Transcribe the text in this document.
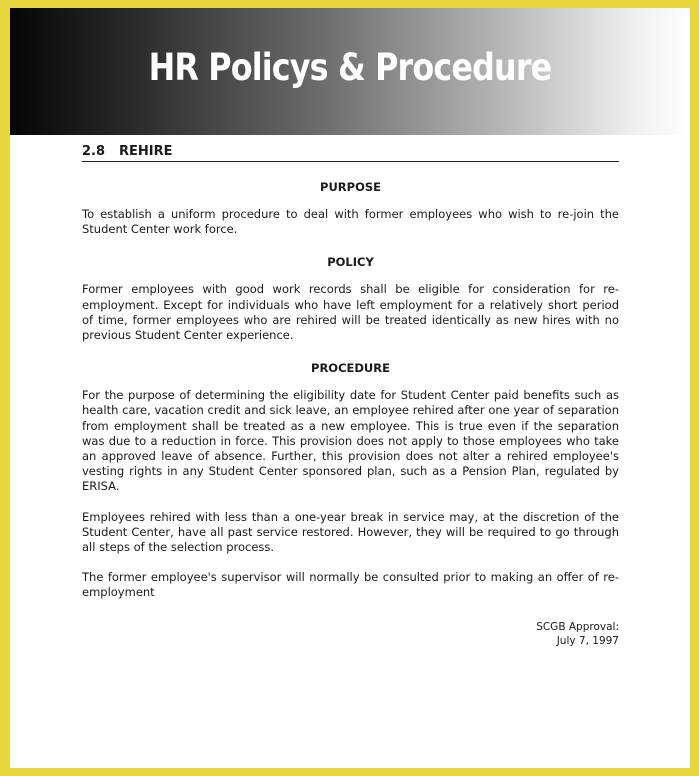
HR Policys & Procedure
2.8 REHIRE
PURPOSE

To establish a uniform procedure to deal with former employees who wish to re-join the Student Center work force.

POLICY

Former employees with good work records shall be eligible for consideration for re-employment. Except for individuals who have left employment for a relatively short period of time, former employees who are rehired will be treated identically as new hires with no previous Student Center experience.

PROCEDURE

For the purpose of determining the eligibility date for Student Center paid benefits such as health care, vacation credit and sick leave, an employee rehired after one year of separation from employment shall be treated as a new employee. This is true even if the separation was due to a reduction in force. This provision does not apply to those employees who take an approved leave of absence. Further, this provision does not alter a rehired employee's vesting rights in any Student Center sponsored plan, such as a Pension Plan, regulated by ERISA.

Employees rehired with less than a one-year break in service may, at the discretion of the Student Center, have all past service restored. However, they will be required to go through all steps of the selection process.

The former employee's supervisor will normally be consulted prior to making an offer of re-employment

SCGB Approval:
July 7, 1997
